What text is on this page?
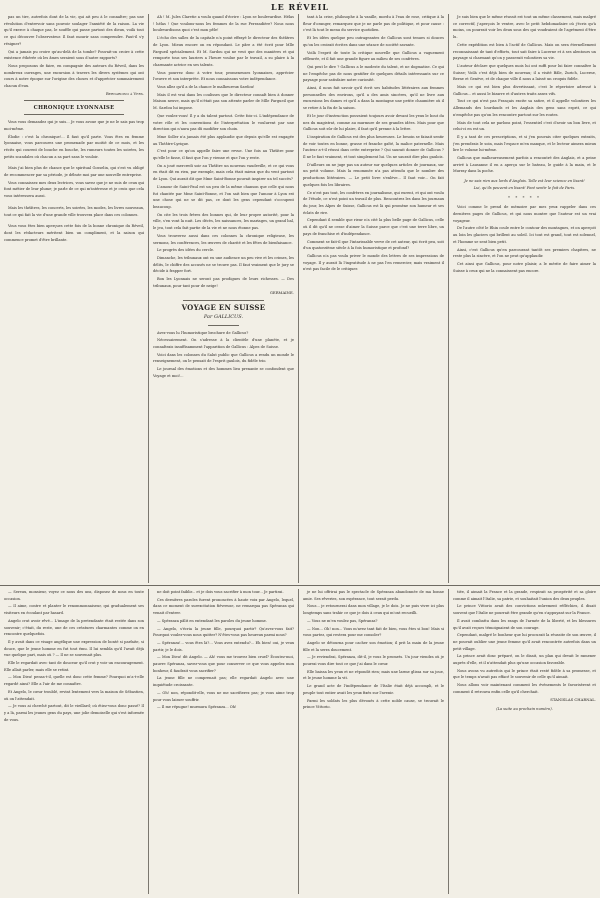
LE RÉVEIL

pas un tire, autrefois dont de la vie, qui ait peu à le connaître; pas une révolution d'entrevoir sans pouvoir soulager l'anxiété de la raison. La vie qu'il exerce à chaque pas, le souffle qui passe partout des dieux, voilà tout ce qui découvre l'observateur. Il faut mourir sans comprendre. Faut-il s'y résigner?

Qui a jamais pu croire qu'au-delà de la tombe? Pouvait-on croire à cette existence éthérée où les âmes seraient sous d'autre rapports?

Nous proposons de faire, en compagnie des auteurs du Réveil, dans les nombreux ouvrages, une excursion à travers les divers systèmes qui ont cours à notre époque sur l'origine des choses et d'apprécier sommairement chacun d'eux.

Bernardino à Vers.
CHRONIQUE LYONNAISE

Vous vous demandez qui je suis... Je vous avoue que je ne le sais pas trop moi-même.

Élodie : c'est la chronique!... Il faut qu'il parte. Vous êtes en femme lyonnaise, vous parcourez une promenade par moitié de ce mois, et les récits qui courent de bouche en bouche, les rumeurs toutes les soirées, les petits scandales où chacun a sa part sans le vouloir.

Mais j'ai bien plus de chance que le spiritual Gosselin, qui s'est vu obligé de recommencer par sa période, je débute moi par une nouvelle entreprise.

Vous connaissez mes deux lectrices, vous savez que je ne suis de ceux qui font métier de leur plume; je parle de ce qui m'intéresse et je crois que cela vous intéressera aussi.

Mais les théâtres, les concerts, les soirées, les modes, les livres nouveaux, tout ce qui fait la vie d'une grande ville trouvera place dans ces colonnes.

Vous vous êtes bien aperçues cette fois de la bonne chronique du Réveil, dont les rédacteurs méritent bien un compliment, et la saison qui commence promet d'être brillante.

Ah ! M. Jules Claretie a voulu quand d'écrire : Lyon se boulevardise. Hélas ! hélas ! Que voulons-nous les femmes de la rue Ferrandière? Nous nous boulevardisons quoi c'est mon pêle!

L'écho des salles de la capitale n'a point effrayé le directeur des théâtres de Lyon. Mieux encore on en répondant. Le pâre a été écrit pour Mlle Fargueil spécialement. Et M. Sardou qui ne veut que des manières et qui remporte tous ses lauriers a l'heure voulue par le travail, a su plaire à la charmante actrice en ses talents.

Vous pourrez donc à votre tour, promeneuses lyonnaises, apprécier l'œuvre et son interprète. Et nous connaissons votre indépendance.

Vous allez qu'il a de la chance le malheureux Sardou!

Mais il est vrai dans les coulisses que le directeur connaît bien à donner Maison neuve, mais qu'il n'était pas son attente parler de Mlle Fargueil que M. Sardou lui impose.

Que voulez-vous! Il y a du talent partout. Cette fois-ci. L'indépendance de votre rôle et les conventions de l'interprétation le voulurent par une direction qui n'aura pas dû modifier son choix.

Mme Soller n'a jamais été plus applaudie que depuis qu'elle est engagée au Théâtre-Lyrique.

C'est pour ce qu'on appelle faire une revue. Une fois au Théâtre pour qu'elle le fasse, il faut que l'on y vienne et que l'on y reste.

On a joué mercredi soir au Théâtre un nouveau vaudeville, et ce qui vous en était dit en rien, par exemple, mais cela était mieux que du vent partout de Lyon. Qui aurait dit que Mme Saint-Bonne pouvait inspirer un tel succès?

L'amour de Saint-Paul est un peu de la même chanson que celle qui nous fut chantée par Mme Saint-Bonne, et l'on sait bien que l'amour à Lyon est une chose qui ne se dit pas, ce dont les gens cependant s'occupent beaucoup.

On cite les trois frères des bonnes qui, de leur propre autorité, pour la ville, s'en vont la nuit. Les décès, les naissances, les mariages, un grand bal, le jeu, tout cela fait partie de la vie et ne nous étonne pas.

Vous trouverez aussi dans ces colonnes la chronique religieuse, les sermons, les conférences, les œuvres de charité et les fêtes de bienfaisance.

Le progrès des idées du cercle.

Dimanche, les tribunaux ont eu une audience un peu vive et les crimes, les délits, le chiffre des accusés ne se trouve pas. Il faut vraiment que le jury se décide à frapper fort.

Bon les Lyonnais ne seront pas prodigues de leurs richesses. — Des tribunaux, pour tant pour de neige!

GERMAINE.
VOYAGE EN SUISSE
Par GALLICUS.

Avez-vous lu l'humoristique brochure de Gallicus?

Nécessairement. On s'adresse à la clientèle d'une planète, et je connaîtrais insuffisamment l'apparition de Gallicus : Alpes de Suisse.

Voici dans les colonnes du Salut public que Gallicus a rendu un monde le renseignement, on le pensait de l'esprit gaulois, du fidèle trio.

Le journal des émotions et des hommes lieu prenante se confondent que Voyage et moi!...

tant à la crise, philosophe à la vanille, mordu à l'eau de rose, critique à la fleur d'oranger, remarquez que je ne parle pas de politique, et pour cause : c'est là tout le menu du service quotidien.

Et les idées quelque peu outrageantes de Gallicus sont tenues si douces qu'on les croirait écrites dans une séance de société savante.

Voilà l'esprit de toute la critique nouvelle que Gallicus a vaguement effleurée, et il fait une grande figure au milieu de ses confrères.

Qui peut le dire ? Gallicus a le modeste du talent, et ne dogmatise. Ce qui ne l'empêche pas de nous gratifier de quelques détails intéressants sur ce paysage pour satisfaire notre curiosité.

Ainsi, il nous fait savoir qu'il écrit ses habitudes littéraires aux femmes personnelles des environs, qu'il a des amis sincères, qu'il ne livre aux excursions les dames et qu'il a dans la montagne une petite chaumière où il se retire à la fin de la saison.

Et le jour d'instruction pouvaient toujours avoir devant les yeux le bout du nez du magistrat, comme au murmure de ses grandes idées. Mais pour que Gallicus soit sûr de lui plaire, il faut qu'il prenne à la lettre.

L'inspiration de Gallicus est des plus heureuses. Le besoin se faisait sentir de voir toutes en bonne, grasse et franche gaîté, la malice paternelle. Mais l'auteur a-t-il réussi dans cette entreprise ? Qui saurait donner de Gallicus ? Il ne le faut vraiment, et tout simplement lui. Un ne saurait dire plus gaulois.

D'ailleurs on ne juge pas un auteur sur quelques articles de journaux, sur un petit volume. Mais la renommée n'a pas attendu que le nombre des productions littéraires. — Le petit livre s'enlève... Il faut voir... On fait quelques fois les libraires.

Ce n'est pas tout, les confrères en journalisme, qui eurent, et qui ont voulu de l'étude, ce n'est point un travail de plus. Rencontrez les dans les journaux du jour, les Alpes de Suisse, Gallicus est là qui promène son humeur et ses éclats de rire.

Cependant il semble que rieur n'a cité la plus belle page de Gallicus, celle où il dit qu'il ne cesse d'aimer la Suisse parce que c'est une terre libre, un pays de franchise et d'indépendance.

Comment se fait-il que l'intarissable verve de cet auteur, qui écrit peu, soit d'un quatorzième siècle à la fois humoristique et profond?

Gallicus n'a pas voulu priver le monde des lettres de ses impressions de voyage. Il y aurait là l'ingratitude à ne pas l'en remercier, mais vraiment il n'est pas facile de le critiquer.

Je suis bien que le même réussit est tout un même classement, mais malgré ce correctif, j'aperçois le ventre, avec le petit hebdomadaire où j'écris qu'à moins, on pourrait voir les deux sous des qui voudraient de l'agrément d'être lu.

Cette expédition est bien à l'actif de Gallicus. Mais on sera éternellement reconnaissant de tant d'efforts, tout sait faire à Lucerne et à ses alentours un paysage si charmant qu'on y passerait volontiers sa vie.

L'auteur déclare que quelques mois lui ont suffi pour lui faire connaître la Suisse; Voilà c'est déjà bien de nouveau; il a visité Bâle, Zurich, Lucerne, Berne et Genève, et de chaque ville il nous a laissé un croquis fidèle.

Mais ce qui est bien plus divertissant, c'est le répertoire adressé à Gallicus... et aussi le bizarre et d'autres traits assez vifs.

Tout ce qui n'est pas Français excite sa satire, et il appelle volontiers les Allemands des lourdauds et les Anglais des gens sans esprit, ce qui n'empêche pas qu'on les rencontre partout sur les routes.

Mais de tout cela ne parlons point, l'essentiel c'est d'avoir un bon livre, et celui-ci en est un.

Il y a tant de ces prescriptions, et si j'en pouvais citer quelques extraits, j'en prendrais le soin, mais l'espace m'en manque, et le lecteur aimera mieux lire le volume lui-même.

Gallicus que malheureusement parfois a rencontré des Anglais, et a peine arrivé à Lausanne il en a aperçu sur le bateau, le guide à la main, et le Murray dans la poche.

Je ne sais rien aux lords d'Anglais. Telle est leur science en lisant! Lui, qu'ils peuvent en lisant! Font sentir le fait de Paris.

* * * * *

Voici comme le prend de mémoire par mes yeux rappeler dans ces dernières pages de Gallicus, et qui nous montre que l'auteur est un vrai voyageur.

De l'autre côté le Rhin coule entre le contour des montagnes, et on aperçoit au loin les glaciers qui brillent au soleil. Ici tout est grand, tout est solennel, et l'homme se sent bien petit.

Ainsi, c'est Gallicus qu'en parcourant tantôt ses premiers chapitres, ne reste plus la sincère, et l'on ne peut qu'applaudir.

Cet ainsi que Gallicus, pour notre plaisir, a le mérite de faire aimer la Suisse à ceux qui ne la connaissent pas encore.

— Sereux, monsieur, voyez ce nous des uns, disposez de nous en toute occasion.

— Il aime, contre et planter le renommonnaiseur, qui gradualement ses visiteurs en écoulant par hasard.

Angelo crut avoir rêvé... L'image de la pretendante était restée dans son souvenir; c'était, du reste, une de ces créatures charmantes comme on en rencontre quelquefois.

Il y avait dans ce visage angélique une expression de bonté si parfaite, si douce, que le jeune homme en fut tout ému. Il lui sembla qu'il l'avait déjà vue quelque part, mais où ? — Il ne se souvenait plus.

Elle le regardait avec tant de douceur qu'il crut y voir un encouragement. Elle allait parler, mais elle se retint.

— Mon Dieu! pensa-t-il, quelle est donc cette femme? Pourquoi m'a-t-elle regardé ainsi? Elle a l'air de me connaître.

Et Angelo, le cœur troublé, revint lentement vers la maison de Sébastien, où on l'attendait.

— Je vous ai cherché partout, dit le vieillard; où étiez-vous donc passé? Il y a là, parmi les jeunes gens du pays, une jolie demoiselle qui s'est informée de vous.

ne doit point faiblir... et je dois vous sacrifier à mon tour... Je partirai.

Ces dernières paroles furent prononcées à haute voix par Angelo, lequel, dans ce moment de surexcitation fiévreuse, ne remarqua pas Spéranza qui venait d'entrer.

— Spéranza pâlit en entendant les paroles du jeune homme.

— Angelo, s'écria la jeune fille, pourquoi partir? Qu'avez-vous fait? Pourquoi voulez-vous nous quitter? N'êtes-vous pas heureux parmi nous?

— Spéranza!... vous êtes là?... Vous avez entendu?... Eh bien! oui, je veux partir, je le dois.

— Mon Dieu! dit Angelo. — Ah! vous me trouvez bien cruel? Écoutez-moi, pauvre Spéranza, savez-vous que pour conserver ce que vous appelez mon bonheur, il faudrait vous sacrifier?

La jeune fille ne comprenait pas; elle regardait Angelo avec une inquiétude croissante.

— Oh! non, répondit-elle, vous ne me sacrifierez pas; je vous aime trop pour vous laisser souffrir.

— Il me répugne! murmura Spéranza... Oh!

je ne lui offrirai pas le spectacle de Spéranza abandonnée de ma bonne amie. Ses rêveries, son espérance, tout serait perdu.

Nous... je retournerai dans mon village, je le dois. Je ne puis vivre ici plus longtemps sans trahir ce que je dois à ceux qui m'ont recueilli.

— Vous ne m'en voulez pas, Spéranza?

— Non... Oh! non... Vous m'avez tant fait de bien, vous êtes si bon! Mais si vous partez, qui restera pour me consoler?

Angelo se détourna pour cacher son émotion; il prit la main de la jeune fille et la serra doucement.

— Je reviendrai, Spéranza, dit-il, je vous le promets. Un jour viendra où je pourrai vous dire tout ce que j'ai dans le cœur.

Elle baissa les yeux et ne répondit rien; mais une larme glissa sur sa joue, et le jeune homme la vit.

Le grand acte de l'indépendance de l'Italie était déjà accompli, et le peuple tout entier avait les yeux fixés sur l'avenir.

Parmi les soldats les plus dévoués à cette noble cause, se trouvait le prince Vittorio.

tiée, il aimait la France et la grande, respirait sa prospérité et sa gloire comme il aimait l'Italie, sa patrie, et souhaitait l'union des deux peuples.

Le prince Vittorio avait des convictions mûrement réfléchies, il disait souvent que l'Italie ne pourrait être grande qu'en s'appuyant sur la France.

Il avait combattu dans les rangs de l'armée de la liberté, et les blessures qu'il avait reçues témoignaient de son courage.

Cependant, malgré le bonheur que lui procurait la réussite de son œuvre, il ne pouvait oublier une jeune femme qu'il avait rencontrée autrefois dans un petit village.

La prince avait donc préparé, on le disait, un plan qui devait le ramener auprès d'elle, et il n'attendait plus qu'une occasion favorable.

Nous avons vu autrefois qui le prince était resté fidèle à sa promesse, et que le temps n'avait pas effacé le souvenir de celle qu'il aimait.

Nous allons voir maintenant comment les événements le favorisèrent et comment il retrouva enfin celle qu'il cherchait.

STANISLAS CHARNAL.
(La suite au prochain numéro).
